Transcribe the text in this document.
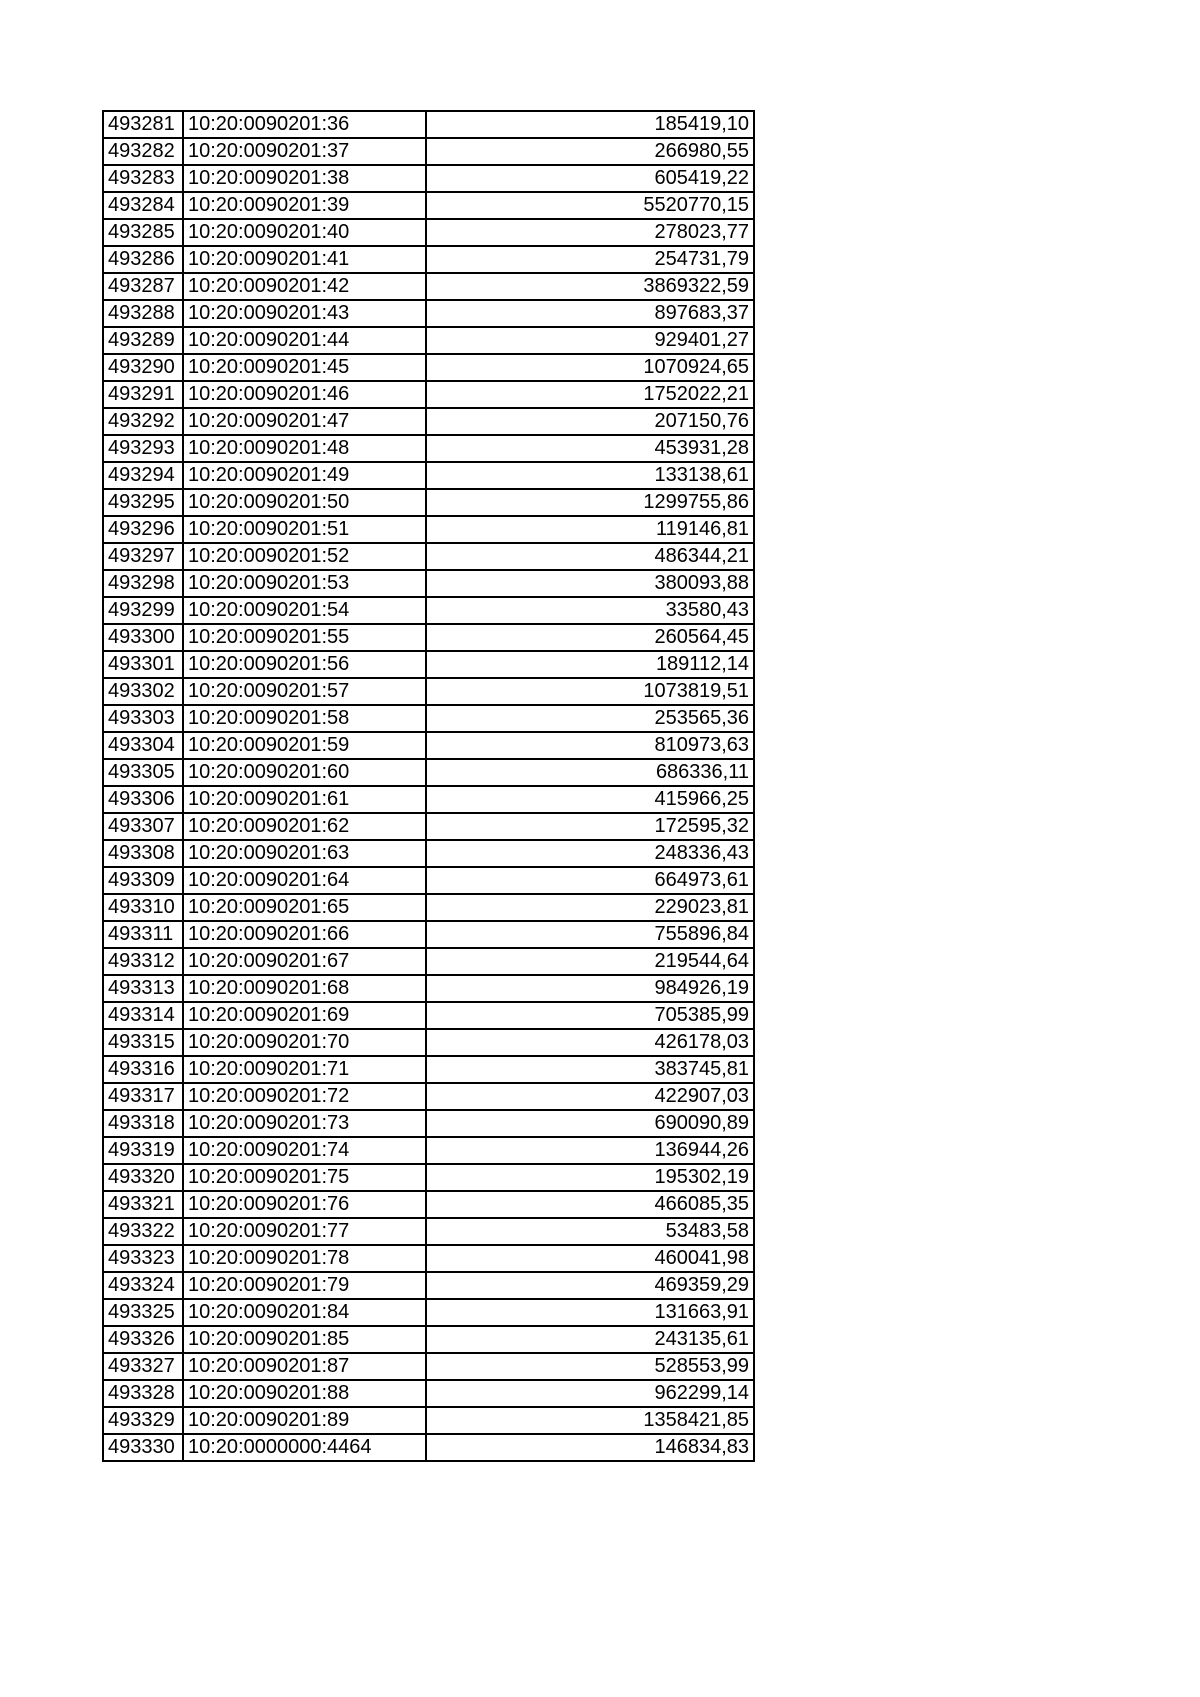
493281	10:20:0090201:36	185419,10
493282	10:20:0090201:37	266980,55
493283	10:20:0090201:38	605419,22
493284	10:20:0090201:39	5520770,15
493285	10:20:0090201:40	278023,77
493286	10:20:0090201:41	254731,79
493287	10:20:0090201:42	3869322,59
493288	10:20:0090201:43	897683,37
493289	10:20:0090201:44	929401,27
493290	10:20:0090201:45	1070924,65
493291	10:20:0090201:46	1752022,21
493292	10:20:0090201:47	207150,76
493293	10:20:0090201:48	453931,28
493294	10:20:0090201:49	133138,61
493295	10:20:0090201:50	1299755,86
493296	10:20:0090201:51	119146,81
493297	10:20:0090201:52	486344,21
493298	10:20:0090201:53	380093,88
493299	10:20:0090201:54	33580,43
493300	10:20:0090201:55	260564,45
493301	10:20:0090201:56	189112,14
493302	10:20:0090201:57	1073819,51
493303	10:20:0090201:58	253565,36
493304	10:20:0090201:59	810973,63
493305	10:20:0090201:60	686336,11
493306	10:20:0090201:61	415966,25
493307	10:20:0090201:62	172595,32
493308	10:20:0090201:63	248336,43
493309	10:20:0090201:64	664973,61
493310	10:20:0090201:65	229023,81
493311	10:20:0090201:66	755896,84
493312	10:20:0090201:67	219544,64
493313	10:20:0090201:68	984926,19
493314	10:20:0090201:69	705385,99
493315	10:20:0090201:70	426178,03
493316	10:20:0090201:71	383745,81
493317	10:20:0090201:72	422907,03
493318	10:20:0090201:73	690090,89
493319	10:20:0090201:74	136944,26
493320	10:20:0090201:75	195302,19
493321	10:20:0090201:76	466085,35
493322	10:20:0090201:77	53483,58
493323	10:20:0090201:78	460041,98
493324	10:20:0090201:79	469359,29
493325	10:20:0090201:84	131663,91
493326	10:20:0090201:85	243135,61
493327	10:20:0090201:87	528553,99
493328	10:20:0090201:88	962299,14
493329	10:20:0090201:89	1358421,85
493330	10:20:0000000:4464	146834,83
